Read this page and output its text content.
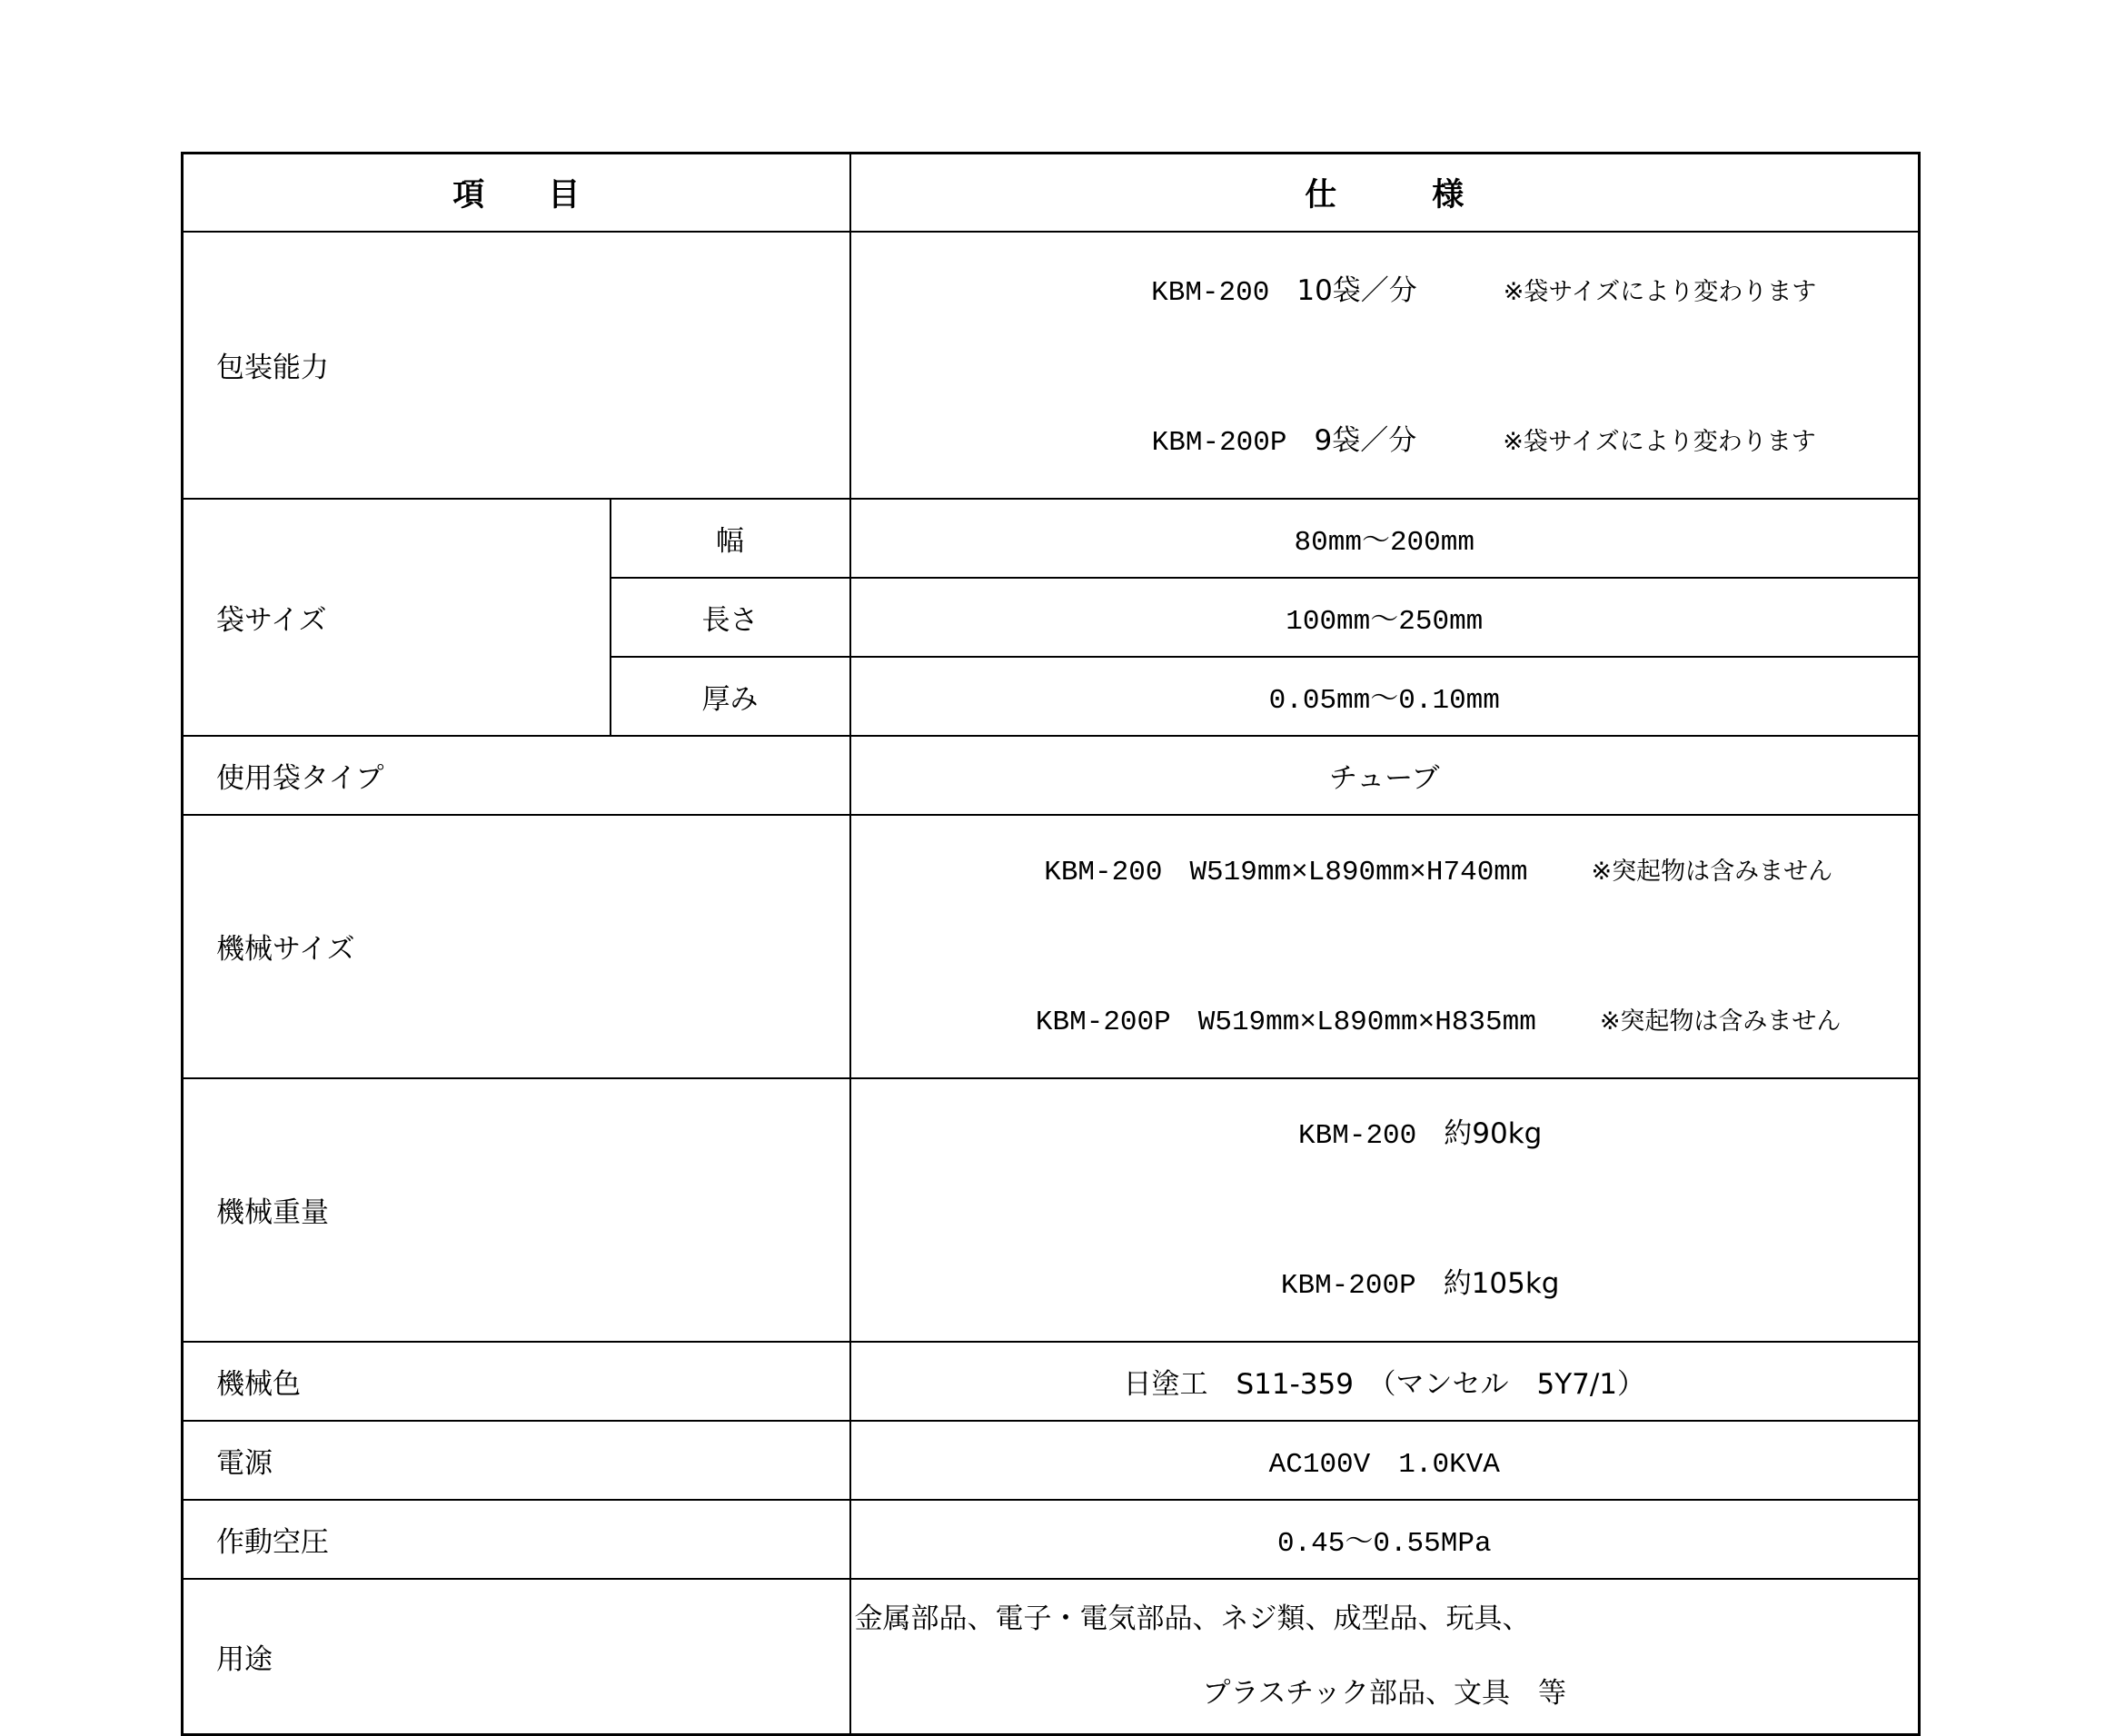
項　　目		仕　　　様
包装能力		KBM-200 10袋／分 ※袋サイズにより変わります

KBM-200P 9袋／分 ※袋サイズにより変わります

袋サイズ	幅	80mm～200mm
	長さ	100mm～250mm
	厚み	0.05mm～0.10mm
使用袋タイプ		チューブ
機械サイズ		KBM-200 W519mm×L890mm×H740mm ※突起物は含みません

KBM-200P W519mm×L890mm×H835mm ※突起物は含みません

機械重量		KBM-200 約90kg

KBM-200P 約105kg

機械色		日塗工　S11-359　（マンセル　5Y7/1）
電源		AC100V　1.0KVA
作動空圧		0.45～0.55MPa
用途		金属部品、電子・電気部品、ネジ類、成型品、玩具、
プラスチック部品、文具　等
